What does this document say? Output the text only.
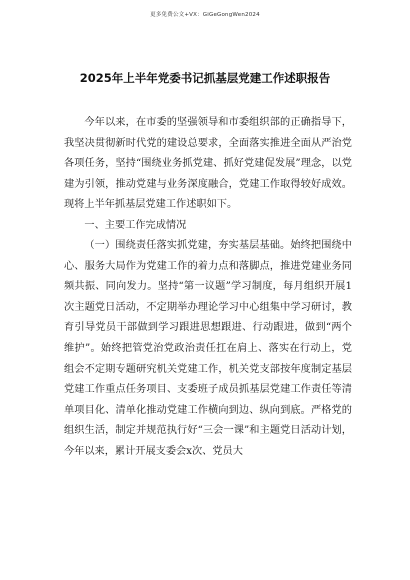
更多免费公文+VX：GiGeGongWen2024
2025年上半年党委书记抓基层党建工作述职报告

今年以来，在市委的坚强领导和市委组织部的正确指导下，我坚决贯彻新时代党的建设总要求，全面落实推进全面从严治党各项任务，坚持“围绕业务抓党建、抓好党建促发展”理念，以党建为引领，推动党建与业务深度融合，党建工作取得较好成效。现将上半年抓基层党建工作述职如下。

一、主要工作完成情况

（一）围绕责任落实抓党建，夯实基层基础。始终把围绕中心、服务大局作为党建工作的着力点和落脚点，推进党建业务同频共振、同向发力。坚持“第一议题”学习制度，每月组织开展1次主题党日活动，不定期举办理论学习中心组集中学习研讨，教育引导党员干部做到学习跟进思想跟进、行动跟进，做到“两个维护”。始终把管党治党政治责任扛在肩上、落实在行动上，党组会不定期专题研究机关党建工作，机关党支部按年度制定基层党建工作重点任务项目、支委班子成员抓基层党建工作责任等清单项目化、清单化推动党建工作横向到边、纵向到底。严格党的组织生活，制定并规范执行好“三会一课”和主题党日活动计划，今年以来，累计开展支委会x次、党员大
